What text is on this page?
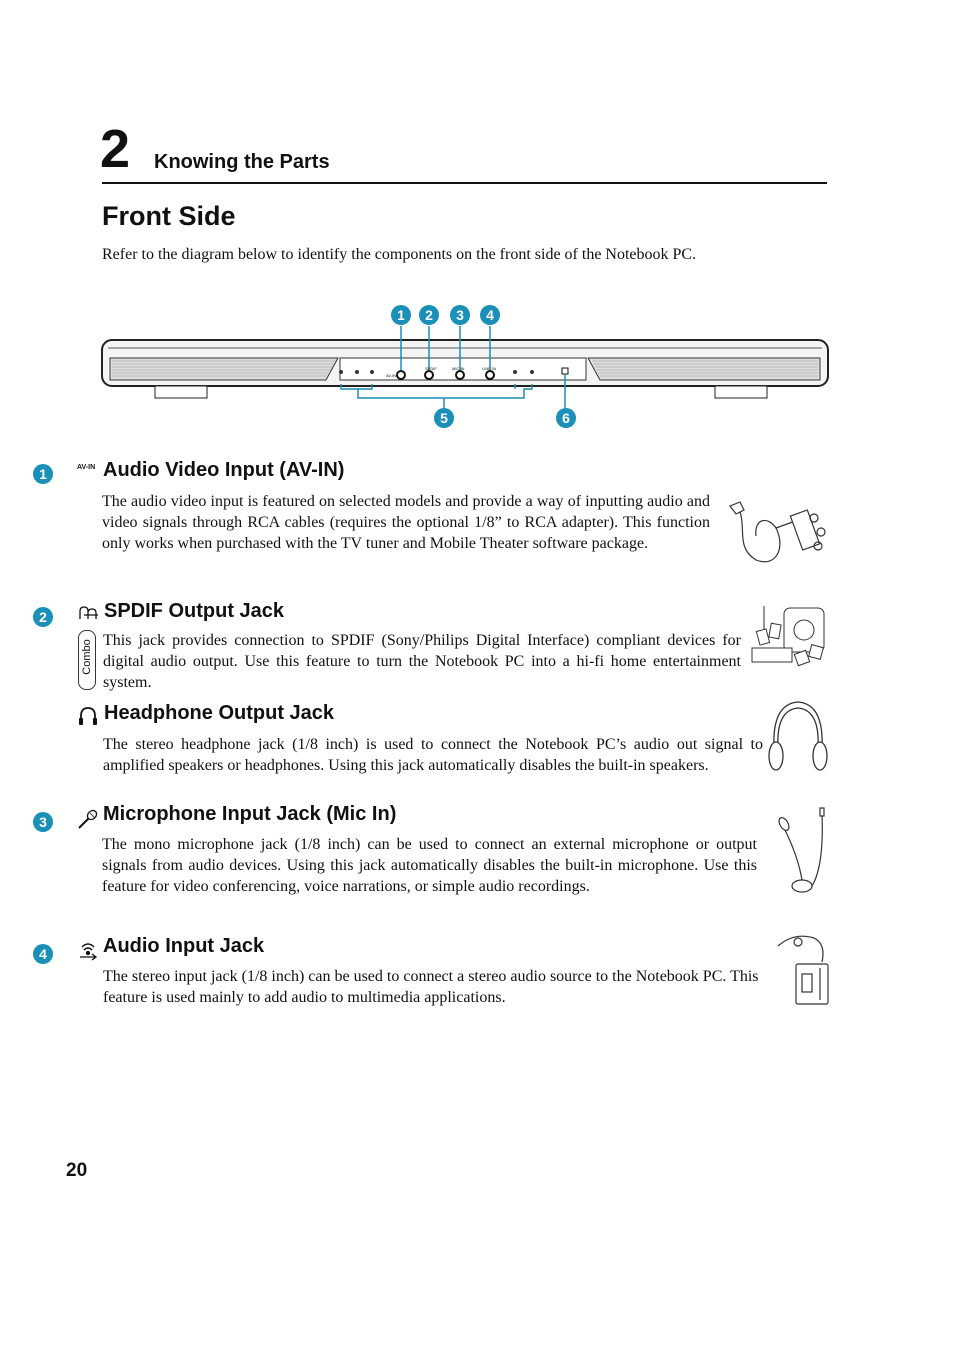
2 Knowing the Parts
Front Side
Refer to the diagram below to identify the components on the front side of the Notebook PC.
1	2	3	4
5	6
AV-IN
SPDIF	MIC IN	LINE IN
1	AV-IN Audio Video Input (AV-IN)
The audio video input is featured on selected models and provide a way of inputting audio and video signals through RCA cables (requires the optional 1/8” to RCA adapter). This function only works when purchased with the TV tuner and Mobile Theater software package.
2	SPDIF Output Jack
Combo This jack provides connection to SPDIF (Sony/Philips Digital Interface) compliant devices for digital audio output. Use this feature to turn the Notebook PC into a hi-fi home entertainment system.
Headphone Output Jack
The stereo headphone jack (1/8 inch) is used to connect the Notebook PC’s audio out signal to amplified speakers or headphones. Using this jack automatically disables the built-in speakers.
3	Microphone Input Jack (Mic In)
The mono microphone jack (1/8 inch) can be used to connect an external microphone or output signals from audio devices. Using this jack automatically disables the built-in microphone. Use this feature for video conferencing, voice narrations, or simple audio recordings.
4	Audio Input Jack
The stereo input jack (1/8 inch) can be used to connect a stereo audio source to the Notebook PC. This feature is used mainly to add audio to multimedia applications.
20
